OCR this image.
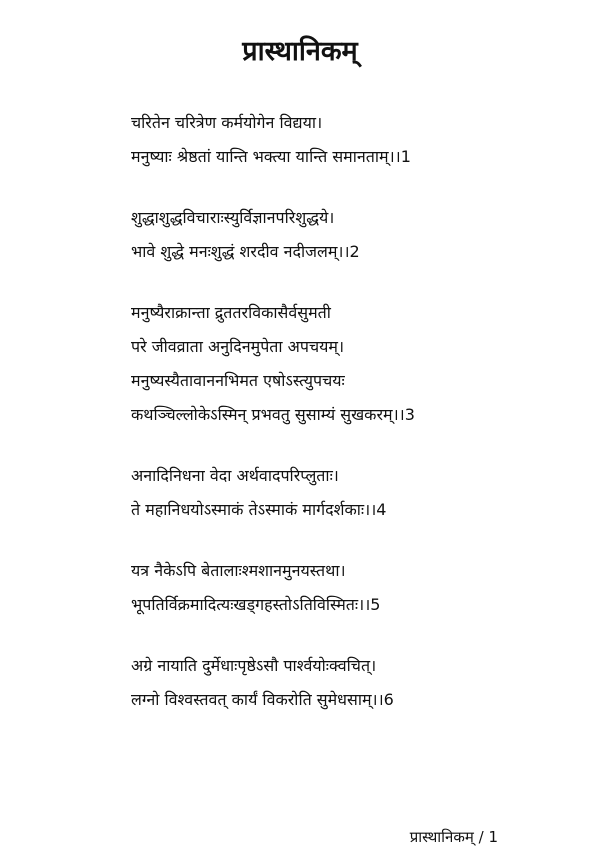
प्रास्थानिकम्
चरितेन चरित्रेण कर्मयोगेन विद्यया।
मनुष्याः श्रेष्ठतां यान्ति भक्त्या यान्ति समानताम्।।1
शुद्धाशुद्धविचाराःस्युर्विज्ञानपरिशुद्धये।
भावे शुद्धे मनःशुद्धं शरदीव नदीजलम्।।2
मनुष्यैराक्रान्ता द्रुततरविकासैर्वसुमती
परे जीवव्राता अनुदिनमुपेता अपचयम्।
मनुष्यस्यैतावाननभिमत एषोऽस्त्युपचयः
कथञ्चिल्लोकेऽस्मिन् प्रभवतु सुसाम्यं सुखकरम्।।3
अनादिनिधना वेदा अर्थवादपरिप्लुताः।
ते महानिधयोऽस्माकं तेऽस्माकं मार्गदर्शकाः।।4
यत्र नैकेऽपि बेतालाःश्मशानमुनयस्तथा।
भूपतिर्विक्रमादित्यःखड्गहस्तोऽतिविस्मितः।।5
अग्रे नायाति दुर्मेधाःपृष्ठेऽसौ पार्श्वयोःक्वचित्।
लग्नो विश्वस्तवत् कार्यं विकरोति सुमेधसाम्।।6
प्रास्थानिकम् / 1
